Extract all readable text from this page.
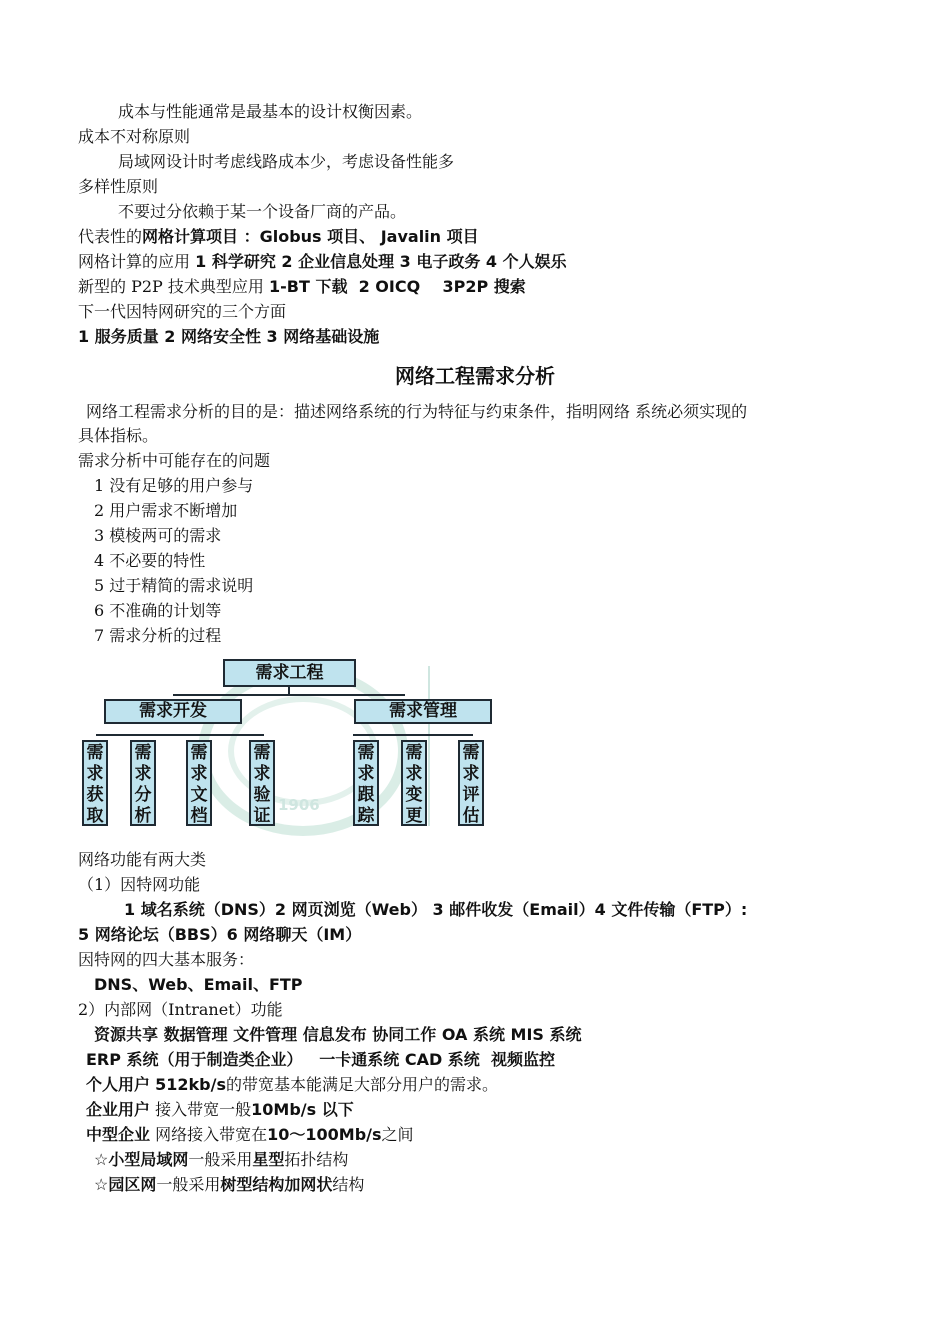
成本与性能通常是最基本的设计权衡因素。
成本不对称原则
局域网设计时考虑线路成本少，考虑设备性能多
多样性原则
不要过分依赖于某一个设备厂商的产品。
代表性的网格计算项目 ：Globus 项目、 Javalin 项目
网格计算的应用 1 科学研究 2 企业信息处理 3 电子政务 4 个人娱乐
新型的 P2P 技术典型应用 1-BT 下载  2 OICQ    3P2P 搜索
下一代因特网研究的三个方面
1 服务质量 2 网络安全性 3 网络基础设施
网络工程需求分析
网络工程需求分析的目的是：描述网络系统的行为特征与约束条件，指明网络 系统必须实现的
具体指标。
需求分析中可能存在的问题
1 没有足够的用户参与
2 用户需求不断增加
3 模棱两可的需求
4 不必要的特性
5 过于精简的需求说明
6 不准确的计划等
7 需求分析的过程
需求工程
需求开发	需求管理
需求获取
需求分析
需求文档
需求验证
需求跟踪
需求变更
需求评估
1906
网络功能有两大类
（1）因特网功能
1 域名系统（DNS）2 网页浏览（Web） 3 邮件收发（Email）4 文件传输（FTP）:
5 网络论坛（BBS）6 网络聊天（IM）
因特网的四大基本服务：
DNS、Web、Email、FTP
2）内部网（Intranet）功能
资源共享 数据管理 文件管理 信息发布 协同工作 OA 系统 MIS 系统
ERP 系统（用于制造类企业）   一卡通系统 CAD 系统  视频监控
个人用户 512kb/s的带宽基本能满足大部分用户的需求。
企业用户 接入带宽一般10Mb/s 以下
中型企业 网络接入带宽在10～100Mb/s之间
☆小型局域网一般采用星型拓扑结构
☆园区网一般采用树型结构加网状结构
